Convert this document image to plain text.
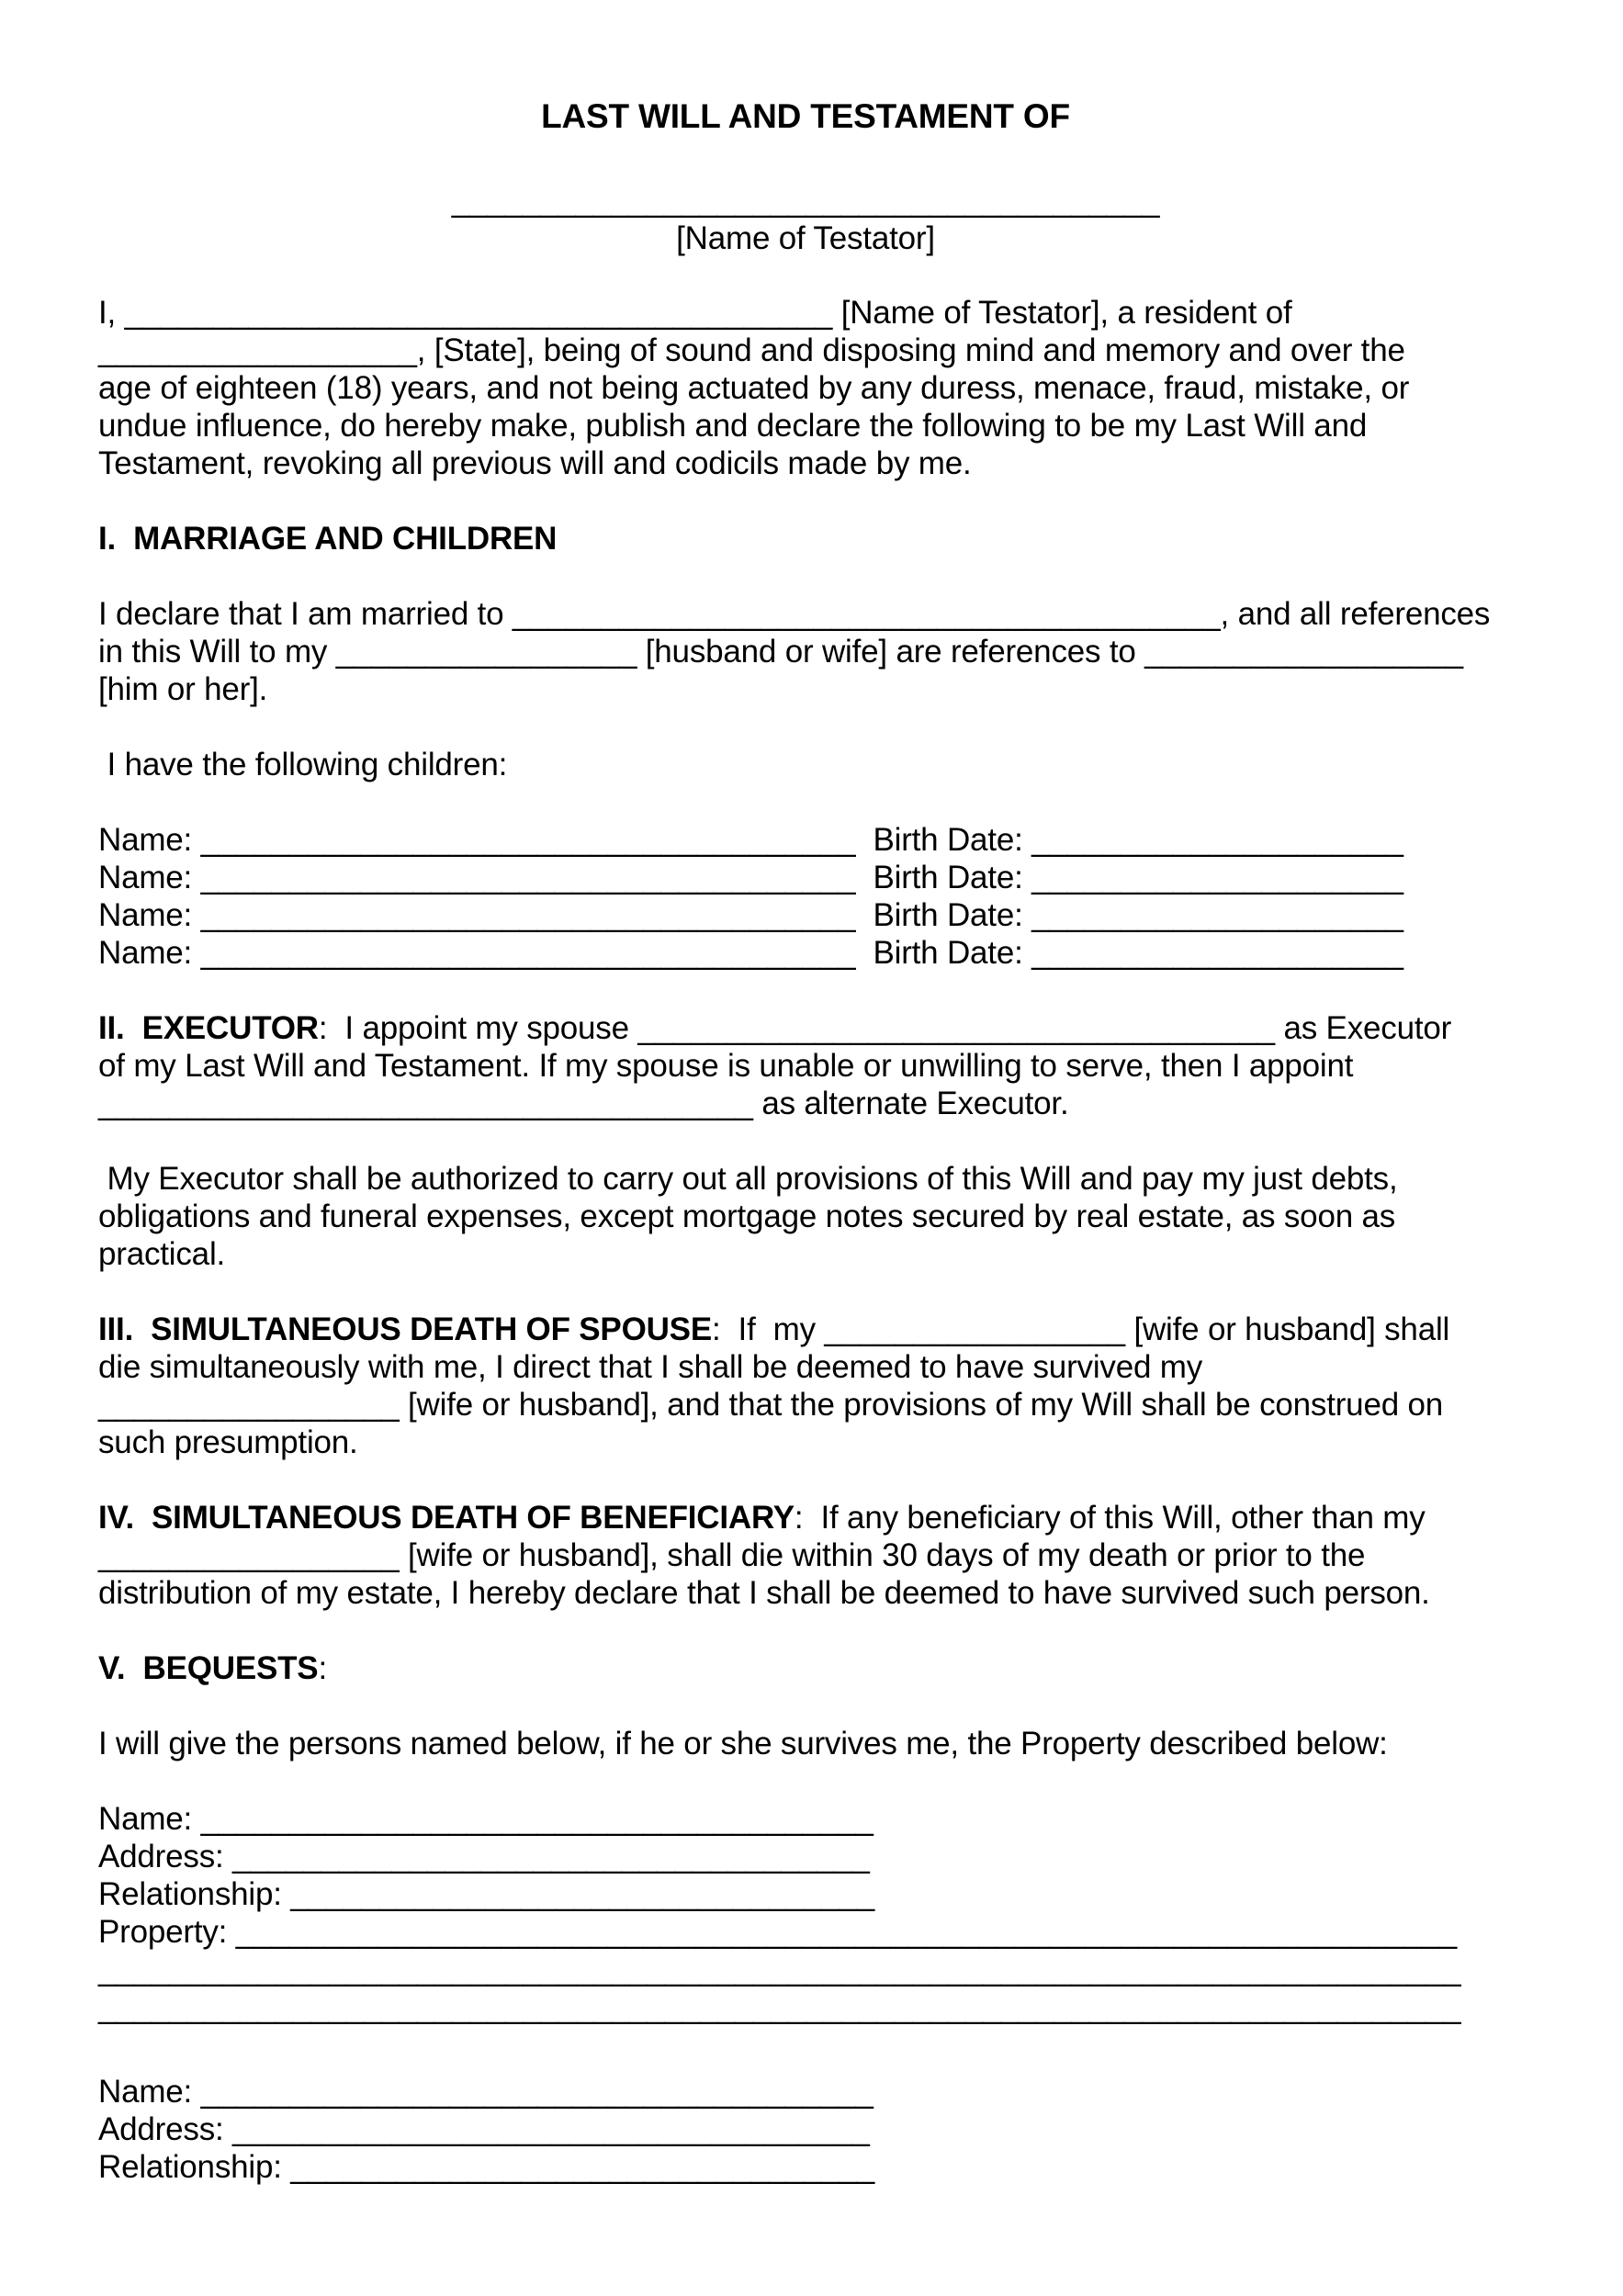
LAST WILL AND TESTAMENT OF
________________________________________
[Name of Testator]
I, ________________________________________ [Name of Testator], a resident of
__________________, [State], being of sound and disposing mind and memory and over the
age of eighteen (18) years, and not being actuated by any duress, menace, fraud, mistake, or
undue influence, do hereby make, publish and declare the following to be my Last Will and
Testament, revoking all previous will and codicils made by me.
I.  MARRIAGE AND CHILDREN
I declare that I am married to ________________________________________, and all references
in this Will to my _________________ [husband or wife] are references to __________________
[him or her].
I have the following children:
Name: _____________________________________  Birth Date: _____________________
Name: _____________________________________  Birth Date: _____________________
Name: _____________________________________  Birth Date: _____________________
Name: _____________________________________  Birth Date: _____________________
II.  EXECUTOR:  I appoint my spouse ____________________________________ as Executor
of my Last Will and Testament. If my spouse is unable or unwilling to serve, then I appoint
_____________________________________ as alternate Executor.
My Executor shall be authorized to carry out all provisions of this Will and pay my just debts,
obligations and funeral expenses, except mortgage notes secured by real estate, as soon as
practical.
III.  SIMULTANEOUS DEATH OF SPOUSE:  If  my _________________ [wife or husband] shall
die simultaneously with me, I direct that I shall be deemed to have survived my
_________________ [wife or husband], and that the provisions of my Will shall be construed on
such presumption.
IV.  SIMULTANEOUS DEATH OF BENEFICIARY:  If any beneficiary of this Will, other than my
_________________ [wife or husband], shall die within 30 days of my death or prior to the
distribution of my estate, I hereby declare that I shall be deemed to have survived such person.
V.  BEQUESTS:
I will give the persons named below, if he or she survives me, the Property described below:
Name: ______________________________________
Address: ____________________________________
Relationship: _________________________________
Property: _____________________________________________________________________
_____________________________________________________________________________
_____________________________________________________________________________
Name: ______________________________________
Address: ____________________________________
Relationship: _________________________________
